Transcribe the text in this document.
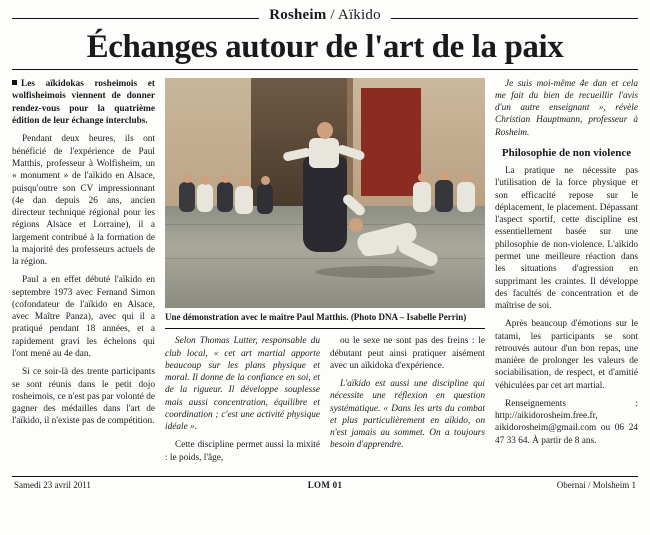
Rosheim / Aïkido
Échanges autour de l'art de la paix

Les aïkidokas rosheimois et wolfisheimois viennent de donner rendez-vous pour la quatrième édition de leur échange interclubs.

Pendant deux heures, ils ont bénéficié de l'expérience de Paul Matthis, professeur à Wolfisheim, un « monument » de l'aïkido en Alsace, puisqu'outre son CV impressionnant (4e dan depuis 26 ans, ancien directeur technique régional pour les régions Alsace et Lorraine), il a largement contribué à la formation de la majorité des professeurs actuels de la région.

Paul a en effet débuté l'aïkido en septembre 1973 avec Fernand Simon (cofondateur de l'aïkido en Alsace, avec Maître Panza), avec qui il a pratiqué pendant 18 années, et a rapidement gravi les échelons qui l'ont mené au 4e dan.

Si ce soir-là des trente participants se sont réunis dans le petit dojo rosheimois, ce n'est pas par volonté de gagner des médailles dans l'art de l'aïkido, il n'existe pas de compétition.

Une démonstration avec le maître Paul Matthis. (Photo DNA – Isabelle Perrin)

Selon Thomas Lutter, responsable du club local, « cet art martial apporte beaucoup sur les plans physique et moral. Il donne de la confiance en soi, et de la rigueur. Il développe souplesse mais aussi concentration, équilibre et coordination ; c'est une activité physique idéale ».

Cette discipline permet aussi la mixité : le poids, l'âge,

ou le sexe ne sont pas des freins : le débutant peut ainsi pratiquer aisément avec un aïkidoka d'expérience.

L'aïkido est aussi une discipline qui nécessite une réflexion en question systématique. « Dans les arts du combat et plus particulièrement en aïkido, on n'est jamais au sommet. On a toujours besoin d'apprendre.

Je suis moi-même 4e dan et cela me fait du bien de recueillir l'avis d'un autre enseignant », révèle Christian Hauptmann, professeur à Rosheim.

Philosophie de non violence

La pratique ne nécessite pas l'utilisation de la force physique et son efficacité repose sur le déplacement, le placement. Dépassant l'aspect sportif, cette discipline est essentiellement basée sur une philosophie de non-violence. L'aïkido permet une meilleure réaction dans les situations d'agression en supprimant les craintes. Il développe des facultés de concentration et de maîtrise de soi.

Après beaucoup d'émotions sur le tatami, les participants se sont retrouvés autour d'un bon repas, une manière de prolonger les valeurs de sociabilisation, de respect, et d'amitié véhiculées par cet art martial.

Renseignements : http://aikidorosheim.free.fr, aikidorosheim@gmail.com ou 06 24 47 33 64. À partir de 8 ans.

Samedi 23 avril 2011	LOM 01	Obernai / Molsheim 1
